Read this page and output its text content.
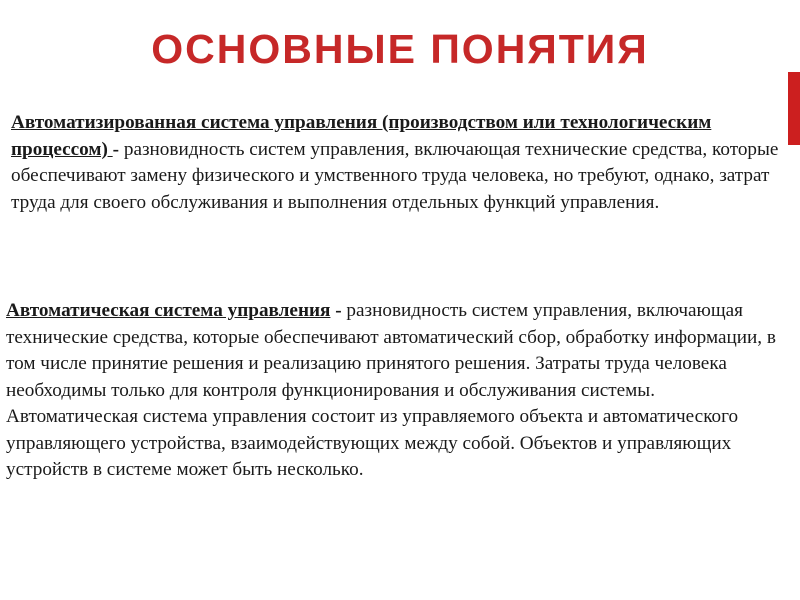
ОСНОВНЫЕ ПОНЯТИЯ

Автоматизированная система управления (производством или технологическим процессом) - разновидность систем управления, включающая технические средства, которые обеспечивают замену физического и умственного труда человека, но требуют, однако, затрат труда для своего обслуживания и выполнения отдельных функций управления.

Автоматическая система управления - разновидность систем управления, включающая технические средства, которые обеспечивают автоматический сбор, обработку информации, в том числе принятие решения и реализацию принятого решения. Затраты труда человека необходимы только для контроля функционирования и обслуживания системы. Автоматическая система управления состоит из управляемого объекта и автоматического управляющего устройства, взаимодействующих между собой. Объектов и управляющих устройств в системе может быть несколько.
